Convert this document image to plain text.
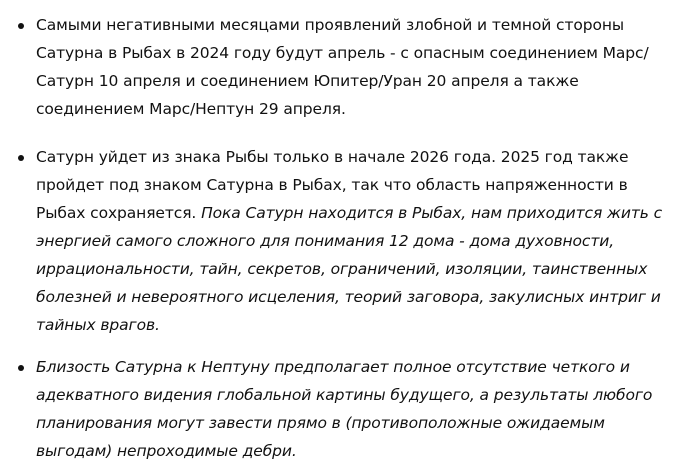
Самыми негативными месяцами проявлений злобной и темной стороны Сатурна в Рыбах в 2024 году будут апрель - с опасным соединением Марс/Сатурн 10 апреля и соединением Юпитер/Уран 20 апреля а также соединением Марс/Нептун 29 апреля.

Сатурн уйдет из знака Рыбы только в начале 2026 года. 2025 год также пройдет под знаком Сатурна в Рыбах, так что область напряженности в Рыбах сохраняется. Пока Сатурн находится в Рыбах, нам приходится жить с энергией самого сложного для понимания 12 дома - дома духовности, иррациональности, тайн, секретов, ограничений, изоляции, таинственных болезней и невероятного исцеления, теорий заговора, закулисных интриг и тайных врагов.

Близость Сатурна к Нептуну предполагает полное отсутствие четкого и адекватного видения глобальной картины будущего, а результаты любого планирования могут завести прямо в (противоположные ожидаемым выгодам) непроходимые дебри.
